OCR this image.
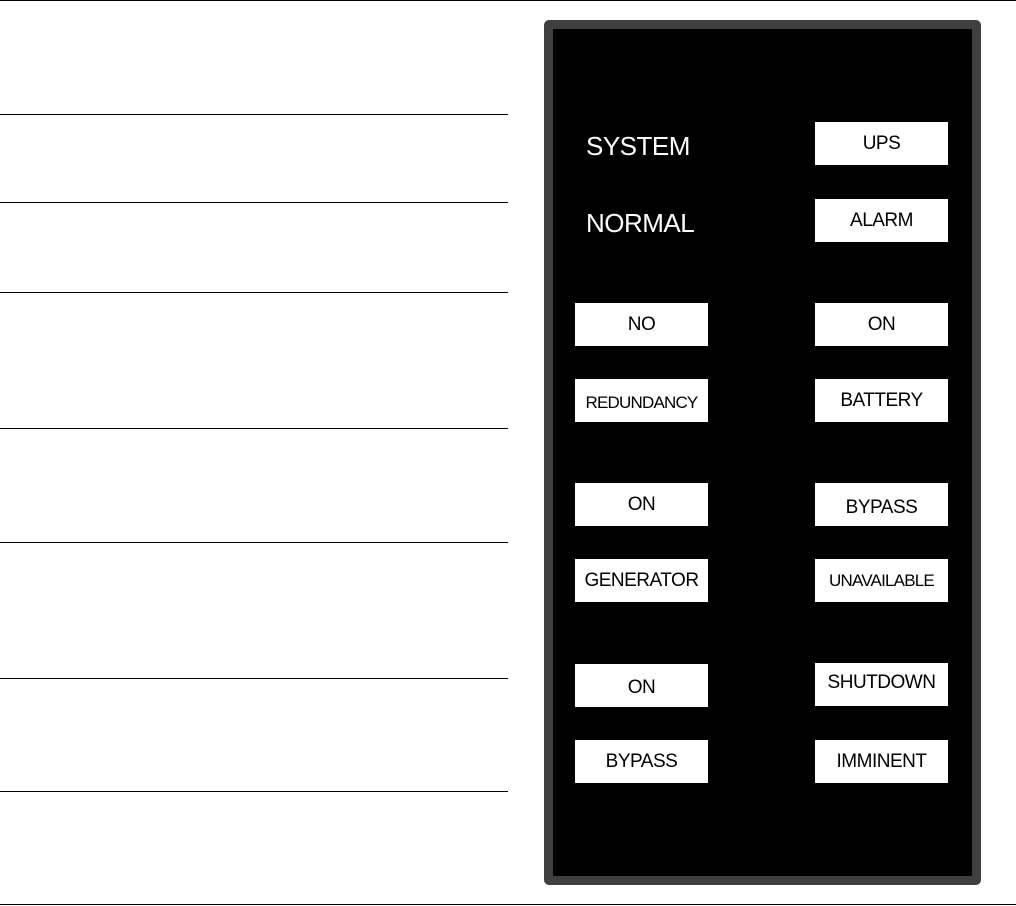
SYSTEM
NORMAL
UPS
ALARM
ON
BATTERY
BYPASS
UNAVAILABLE
SHUTDOWN
IMMINENT
NO
REDUNDANCY
ON
GENERATOR
ON
BYPASS
